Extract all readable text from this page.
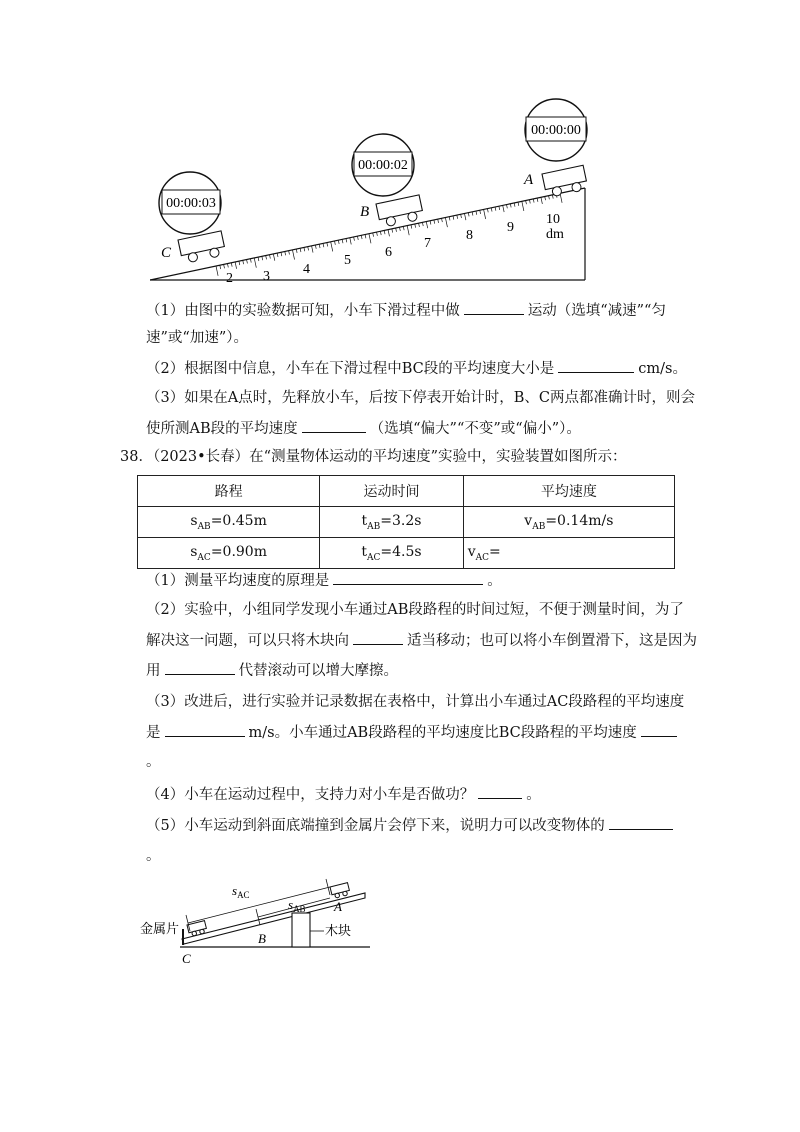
2 3 4
5
6
7
8
9
10
dm
C
B
A
00:00:03
00:00:02
00:00:00
（1）由图中的实验数据可知，小车下滑过程中做	运动（选填“减速”“匀
速”或“加速”）。
（2）根据图中信息，小车在下滑过程中BC段的平均速度大小是	cm/s。
（3）如果在A点时，先释放小车，后按下停表开始计时，B、C两点都准确计时，则会
使所测AB段的平均速度	（选填“偏大”“不变”或“偏小”）。
38．（2023•长春）在“测量物体运动的平均速度”实验中，实验装置如图所示：
路程	运动时间	平均速度
$s_{AB}=0.45m$	$t_{AB}=3.2s$	$v_{AB}=0.14m/s$
$s_{AC}=0.90m$	$t_{AC}=4.5s$	$v_{AC}=$
（1）测量平均速度的原理是	。
（2）实验中，小组同学发现小车通过AB段路程的时间过短，不便于测量时间，为了
解决这一问题，可以只将木块向	适当移动；也可以将小车倒置滑下，这是因为
用	代替滚动可以增大摩擦。
（3）改进后，进行实验并记录数据在表格中，计算出小车通过AC段路程的平均速度
是	m/s。小车通过AB段路程的平均速度比BC段路程的平均速度
。
（4）小车在运动过程中，支持力对小车是否做功？	。
（5）小车运动到斜面底端撞到金属片会停下来，说明力可以改变物体的
。
$s_{AC}$
$s_{AB}$ A
B
C
金属片	木块
